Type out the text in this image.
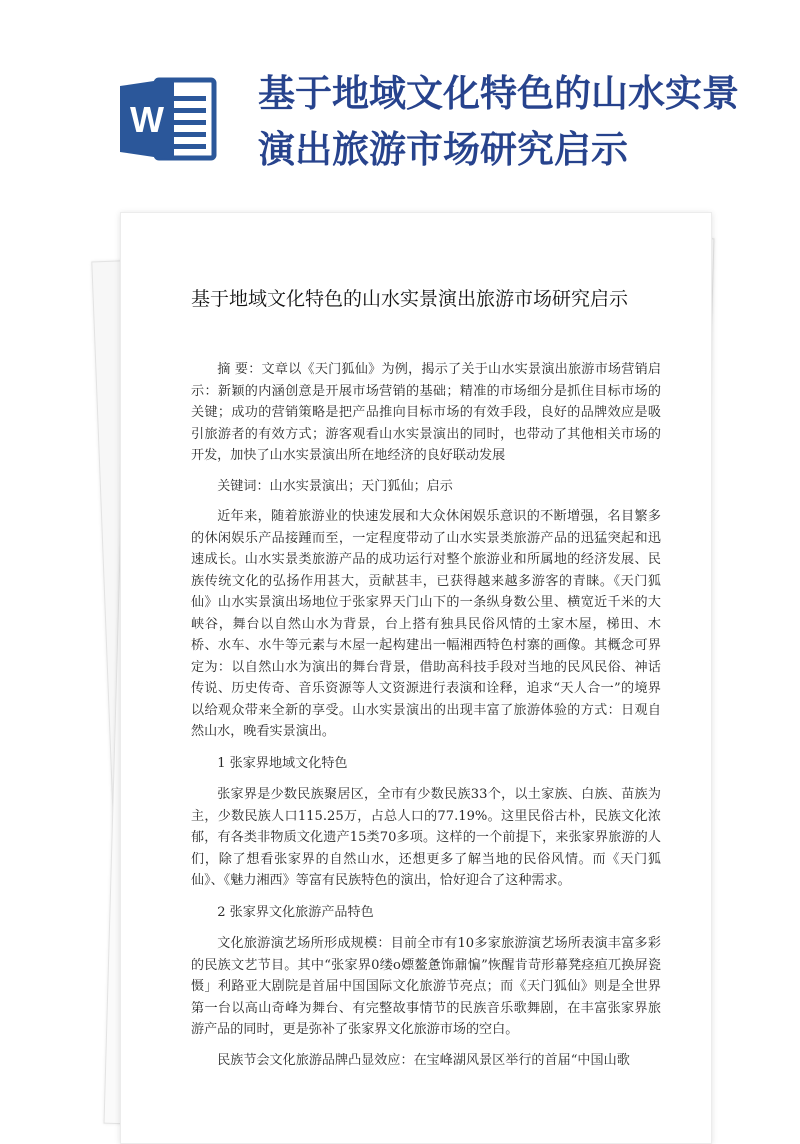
W
基于地域文化特色的山水实景
演出旅游市场研究启示
基于地域文化特色的山水实景演出旅游市场研究启示

摘 要：文章以《天门狐仙》为例，揭示了关于山水实景演出旅游市场营销启示：新颖的内涵创意是开展市场营销的基础；精准的市场细分是抓住目标市场的关键；成功的营销策略是把产品推向目标市场的有效手段，良好的品牌效应是吸引旅游者的有效方式；游客观看山水实景演出的同时，也带动了其他相关市场的开发，加快了山水实景演出所在地经济的良好联动发展

关键词：山水实景演出；天门狐仙；启示

近年来，随着旅游业的快速发展和大众休闲娱乐意识的不断增强，名目繁多的休闲娱乐产品接踵而至，一定程度带动了山水实景类旅游产品的迅猛突起和迅速成长。山水实景类旅游产品的成功运行对整个旅游业和所属地的经济发展、民族传统文化的弘扬作用甚大，贡献甚丰，已获得越来越多游客的青睐。《天门狐仙》山水实景演出场地位于张家界天门山下的一条纵身数公里、横宽近千米的大峡谷，舞台以自然山水为背景，台上搭有独具民俗风情的土家木屋，梯田、木桥、水车、水牛等元素与木屋一起构建出一幅湘西特色村寨的画像。其概念可界定为：以自然山水为演出的舞台背景，借助高科技手段对当地的民风民俗、神话传说、历史传奇、音乐资源等人文资源进行表演和诠释，追求“天人合一”的境界以给观众带来全新的享受。山水实景演出的出现丰富了旅游体验的方式：日观自然山水，晚看实景演出。

1 张家界地域文化特色

张家界是少数民族聚居区，全市有少数民族33个，以土家族、白族、苗族为主，少数民族人口115.25万，占总人口的77.19%。这里民俗古朴，民族文化浓郁，有各类非物质文化遗产15类70多项。这样的一个前提下，来张家界旅游的人们，除了想看张家界的自然山水，还想更多了解当地的民俗风情。而《天门狐仙》、《魅力湘西》等富有民族特色的演出，恰好迎合了这种需求。

2 张家界文化旅游产品特色

文化旅游演艺场所形成规模：目前全市有10多家旅游演艺场所表演丰富多彩的民族文艺节目。其中“张家界0缕o嫖鳌惫饰鼐惼”恢醒肯苛形幕凳痉疸兀换屏瓷慑」利路亚大剧院是首届中国国际文化旅游节亮点；而《天门狐仙》则是全世界第一台以高山奇峰为舞台、有完整故事情节的民族音乐歌舞剧，在丰富张家界旅游产品的同时，更是弥补了张家界文化旅游市场的空白。

民族节会文化旅游品牌凸显效应：在宝峰湖风景区举行的首届“中国山歌
